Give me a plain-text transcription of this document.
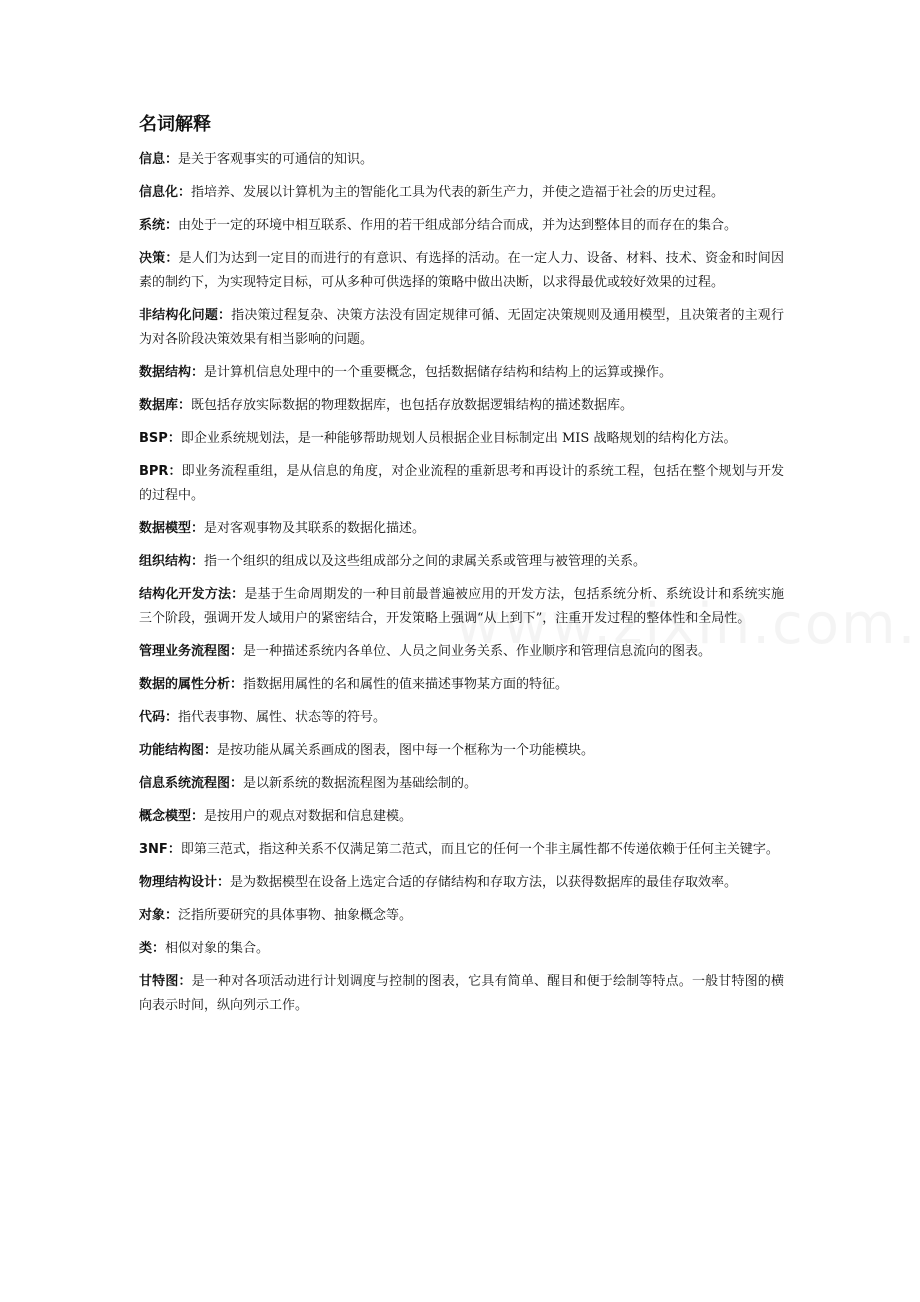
名词解释

信息：是关于客观事实的可通信的知识。

信息化：指培养、发展以计算机为主的智能化工具为代表的新生产力，并使之造福于社会的历史过程。

系统：由处于一定的环境中相互联系、作用的若干组成部分结合而成，并为达到整体目的而存在的集合。

决策：是人们为达到一定目的而进行的有意识、有选择的活动。在一定人力、设备、材料、技术、资金和时间因素的制约下，为实现特定目标，可从多种可供选择的策略中做出决断，以求得最优或较好效果的过程。

非结构化问题：指决策过程复杂、决策方法没有固定规律可循、无固定决策规则及通用模型，且决策者的主观行为对各阶段决策效果有相当影响的问题。

数据结构：是计算机信息处理中的一个重要概念，包括数据储存结构和结构上的运算或操作。

数据库：既包括存放实际数据的物理数据库，也包括存放数据逻辑结构的描述数据库。

BSP：即企业系统规划法，是一种能够帮助规划人员根据企业目标制定出 MIS 战略规划的结构化方法。

BPR：即业务流程重组，是从信息的角度，对企业流程的重新思考和再设计的系统工程，包括在整个规划与开发的过程中。

数据模型：是对客观事物及其联系的数据化描述。

组织结构：指一个组织的组成以及这些组成部分之间的隶属关系或管理与被管理的关系。

结构化开发方法：是基于生命周期发的一种目前最普遍被应用的开发方法，包括系统分析、系统设计和系统实施三个阶段，强调开发人域用户的紧密结合，开发策略上强调“从上到下”，注重开发过程的整体性和全局性。

管理业务流程图：是一种描述系统内各单位、人员之间业务关系、作业顺序和管理信息流向的图表。

数据的属性分析：指数据用属性的名和属性的值来描述事物某方面的特征。

代码：指代表事物、属性、状态等的符号。

功能结构图：是按功能从属关系画成的图表，图中每一个框称为一个功能模块。

信息系统流程图：是以新系统的数据流程图为基础绘制的。

概念模型：是按用户的观点对数据和信息建模。

3NF：即第三范式，指这种关系不仅满足第二范式，而且它的任何一个非主属性都不传递依赖于任何主关键字。

物理结构设计：是为数据模型在设备上选定合适的存储结构和存取方法，以获得数据库的最佳存取效率。

对象：泛指所要研究的具体事物、抽象概念等。

类：相似对象的集合。

甘特图：是一种对各项活动进行计划调度与控制的图表，它具有简单、醒目和便于绘制等特点。一般甘特图的横向表示时间，纵向列示工作。
